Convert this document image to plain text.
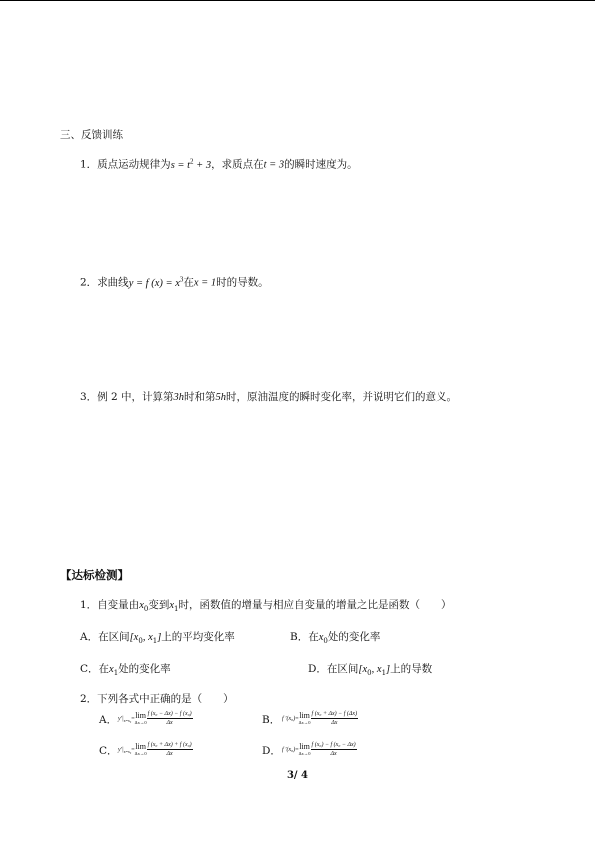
三、反馈训练
1．质点运动规律为$s = t^2 + 3$，求质点在t = 3的瞬时速度为。
2．求曲线y = f $(x) = x^3$在x = 1时的导数。
3．例 2 中，计算第3h时和第5h时，原油温度的瞬时变化率，并说明它们的意义。
【达标检测】
1．自变量由$x_0$变到$x_1$时，函数值的增量与相应自变量的增量之比是函数（　　）
A．在区间[$x_0$, $x_1$]上的平均变化率	B．在$x_0$处的变化率
C．在$x_1$处的变化率	D．在区间[$x_0$, $x_1$]上的导数
2．下列各式中正确的是（　　）
A． $y'|_{x=x_0}=\lim$
$\Delta x\to 0 \frac{\text{f (x₀ − Δx) − f (x₀)}}{\Delta x}$	B． f ′(x₀)=lim
$\Delta x\to 0 \frac{\text{f (x₀ + Δx) − f (Δx)}}{\Delta x}$
C． $y'|_{x=x_0}=\lim$
$\Delta x\to 0 \frac{\text{f (x₀ + Δx) + f (x₀)}}{\Delta x}$	D． f ′(x₀)=lim
$\Delta x\to 0 \frac{\text{f (x₀) − f (x₀ − Δx)}}{\Delta x}$
3/ 4
